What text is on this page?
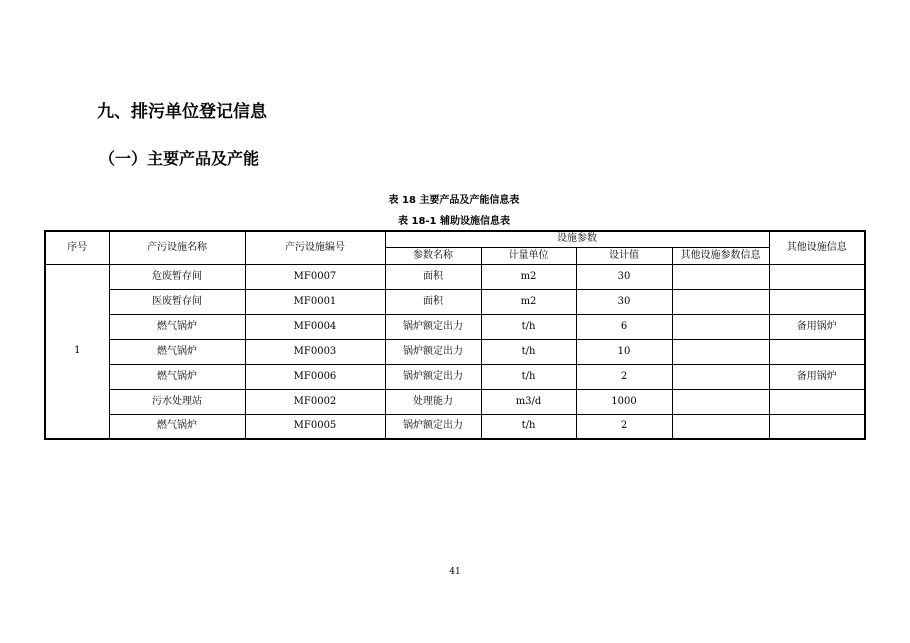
九、排污单位登记信息
（一）主要产品及产能
表 18 主要产品及产能信息表
表 18-1 辅助设施信息表
序号	产污设施名称	产污设施编号	设施参数				其他设施信息
			参数名称	计量单位	设计值	其他设施参数信息	
1	危废暂存间	MF0007	面积	m2	30		
	医废暂存间	MF0001	面积	m2	30		
	燃气锅炉	MF0004	锅炉额定出力	t/h	6		备用锅炉
	燃气锅炉	MF0003	锅炉额定出力	t/h	10		
	燃气锅炉	MF0006	锅炉额定出力	t/h	2		备用锅炉
	污水处理站	MF0002	处理能力	m3/d	1000		
	燃气锅炉	MF0005	锅炉额定出力	t/h	2		
41
